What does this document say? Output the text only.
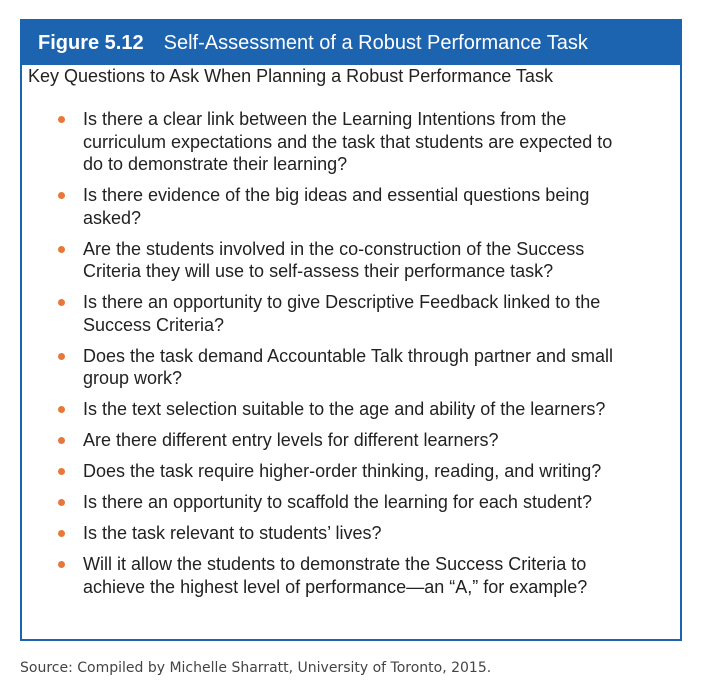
Figure 5.12 Self-Assessment of a Robust Performance Task

Key Questions to Ask When Planning a Robust Performance Task

Is there a clear link between the Learning Intentions from the curriculum expectations and the task that students are expected to do to demonstrate their learning?
Is there evidence of the big ideas and essential questions being asked?
Are the students involved in the co-construction of the Success Criteria they will use to self-assess their performance task?
Is there an opportunity to give Descriptive Feedback linked to the Success Criteria?
Does the task demand Accountable Talk through partner and small group work?
Is the text selection suitable to the age and ability of the learners?
Are there different entry levels for different learners?
Does the task require higher-order thinking, reading, and writing?
Is there an opportunity to scaffold the learning for each student?
Is the task relevant to students’ lives?
Will it allow the students to demonstrate the Success Criteria to achieve the highest level of performance—an “A,” for example?

Source: Compiled by Michelle Sharratt, University of Toronto, 2015.
